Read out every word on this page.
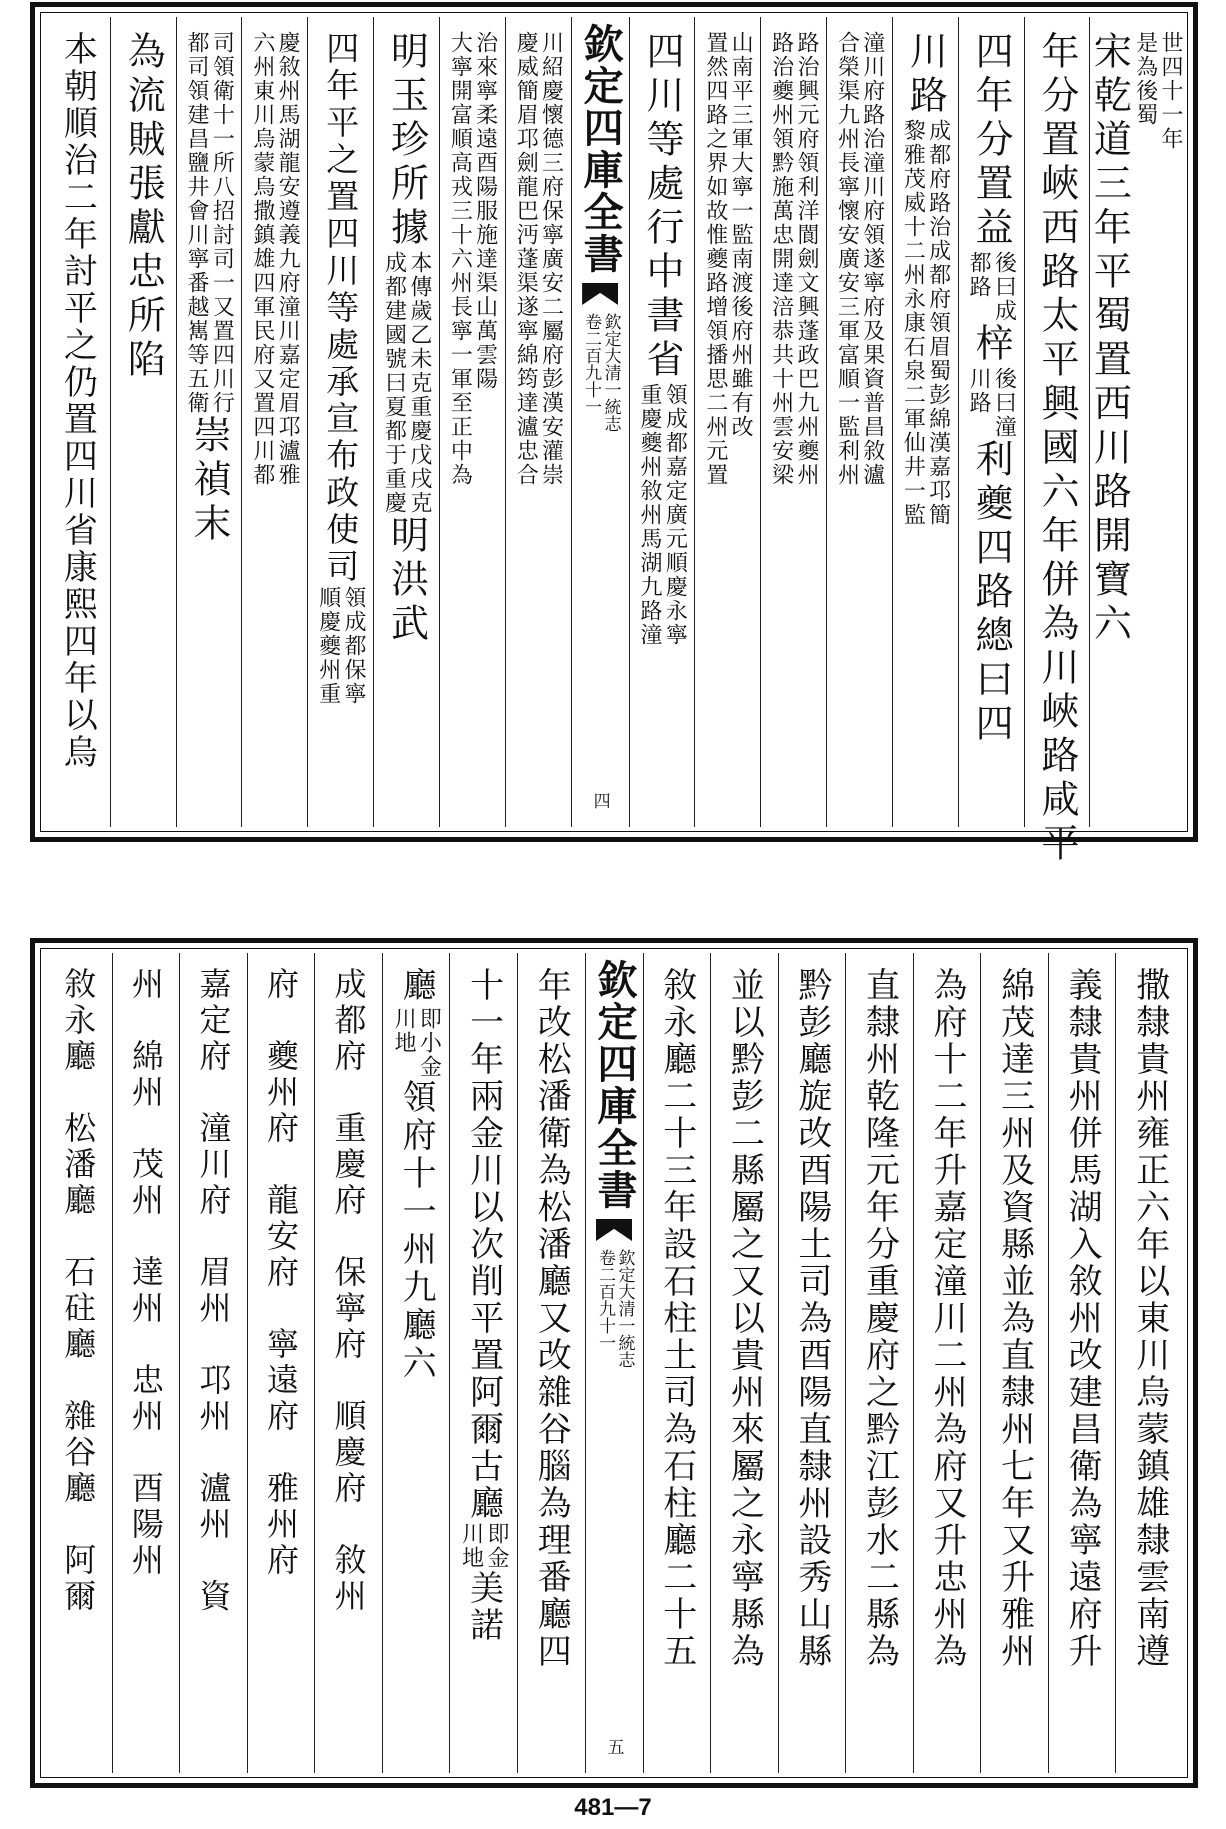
世四十一年
是為後蜀
宋乾道三年平蜀置西川路開寶六
年分置峽西路太平興國六年併為川峽路咸平
四年分置益
後曰成
都路
梓
後曰潼
川路
利夔四路總曰四
川路
成都府路治成都府領眉蜀彭綿漢嘉邛簡
黎雅茂威十二州永康石泉二軍仙井一監
潼川府路治潼川府領遂寧府及果資普昌敘瀘
合榮渠九州長寧懷安廣安三軍富順一監利州
路治興元府領利洋閬劍文興蓬政巴九州夔州
路治夔州領黔施萬忠開達涪恭共十州雲安梁
山南平三軍大寧一監南渡後府州雖有改
置然四路之界如故惟夔路增領播思二州元置
四川等處行中書省
領成都嘉定廣元順慶永寧
重慶夔州敘州馬湖九路潼
欽定四庫全書
欽定大清一統志
卷二百九十一
四
川紹慶懷德三府保寧廣安二屬府彭漢安灌崇
慶威簡眉邛劍龍巴沔蓬渠遂寧綿筠達瀘忠合
治來寧柔遠酉陽服施達渠山萬雲陽
大寧開富順高戎三十六州長寧一軍至正中為
明玉珍所據
本傳歲乙未克重慶戊戌克
成都建國號曰夏都于重慶
明洪武
四年平之置四川等處承宣布政使司
領成都保寧
順慶夔州重
慶敘州馬湖龍安遵義九府潼川嘉定眉邛瀘雅
六州東川烏蒙烏撒鎮雄四軍民府又置四川都
司領衛十一所八招討司一又置四川行
都司領建昌鹽井會川寧番越嶲等五衛
崇禎末
為流賊張獻忠所陷
本朝順治二年討平之仍置四川省康熙四年以烏
撒隸貴州雍正六年以東川烏蒙鎮雄隸雲南遵
義隸貴州併馬湖入敘州改建昌衛為寧遠府升
綿茂達三州及資縣並為直隸州七年又升雅州
為府十二年升嘉定潼川二州為府又升忠州為
直隸州乾隆元年分重慶府之黔江彭水二縣為
黔彭廳旋改酉陽土司為酉陽直隸州設秀山縣
並以黔彭二縣屬之又以貴州來屬之永寧縣為
敘永廳二十三年設石柱土司為石柱廳二十五
欽定四庫全書
欽定大清一統志
卷二百九十一
五
年改松潘衛為松潘廳又改雜谷腦為理番廳四
十一年兩金川以次削平置阿爾古廳
即金
川地
美諾
廳
即小金
川地
領府十一州九廳六
成都府　重慶府　保寧府　順慶府　敘州
府　夔州府　龍安府　寧遠府　雅州府
嘉定府　潼川府　眉州　邛州　瀘州　資
州　綿州　茂州　達州　忠州　酉陽州
敘永廳　松潘廳　石砫廳　雜谷廳　阿爾
481—7
